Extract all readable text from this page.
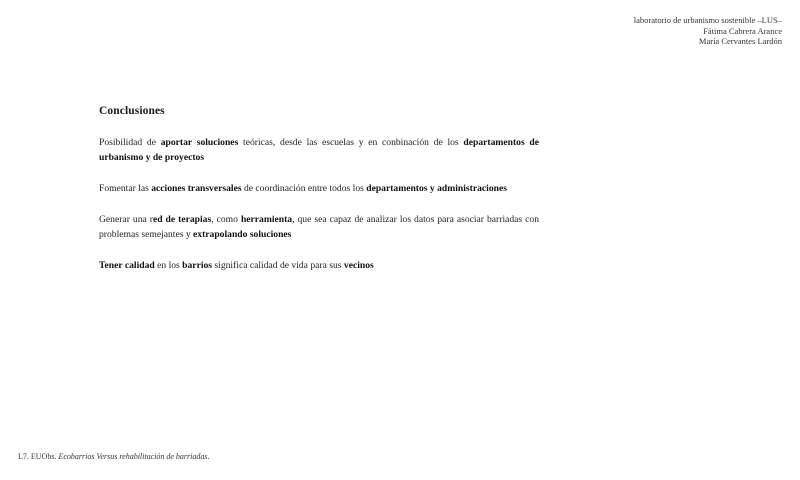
laboratorio de urbanismo sostenible –LUS–
Fátima Cabrera Arance
María Cervantes Lardón
Conclusiones

Posibilidad de aportar soluciones teóricas, desde las escuelas y en conbinación de los departamentos de urbanismo y de proyectos

Fomentar las acciones transversales de coordinación entre todos los departamentos y administraciones

Generar una red de terapias, como herramienta, que sea capaz de analizar los datos para asociar barriadas con problemas semejantes y extrapolando soluciones

Tener calidad en los barrios significa calidad de vida para sus vecinos

L7. EUObs. Ecobarrios Versus rehabilitación de barriadas.
